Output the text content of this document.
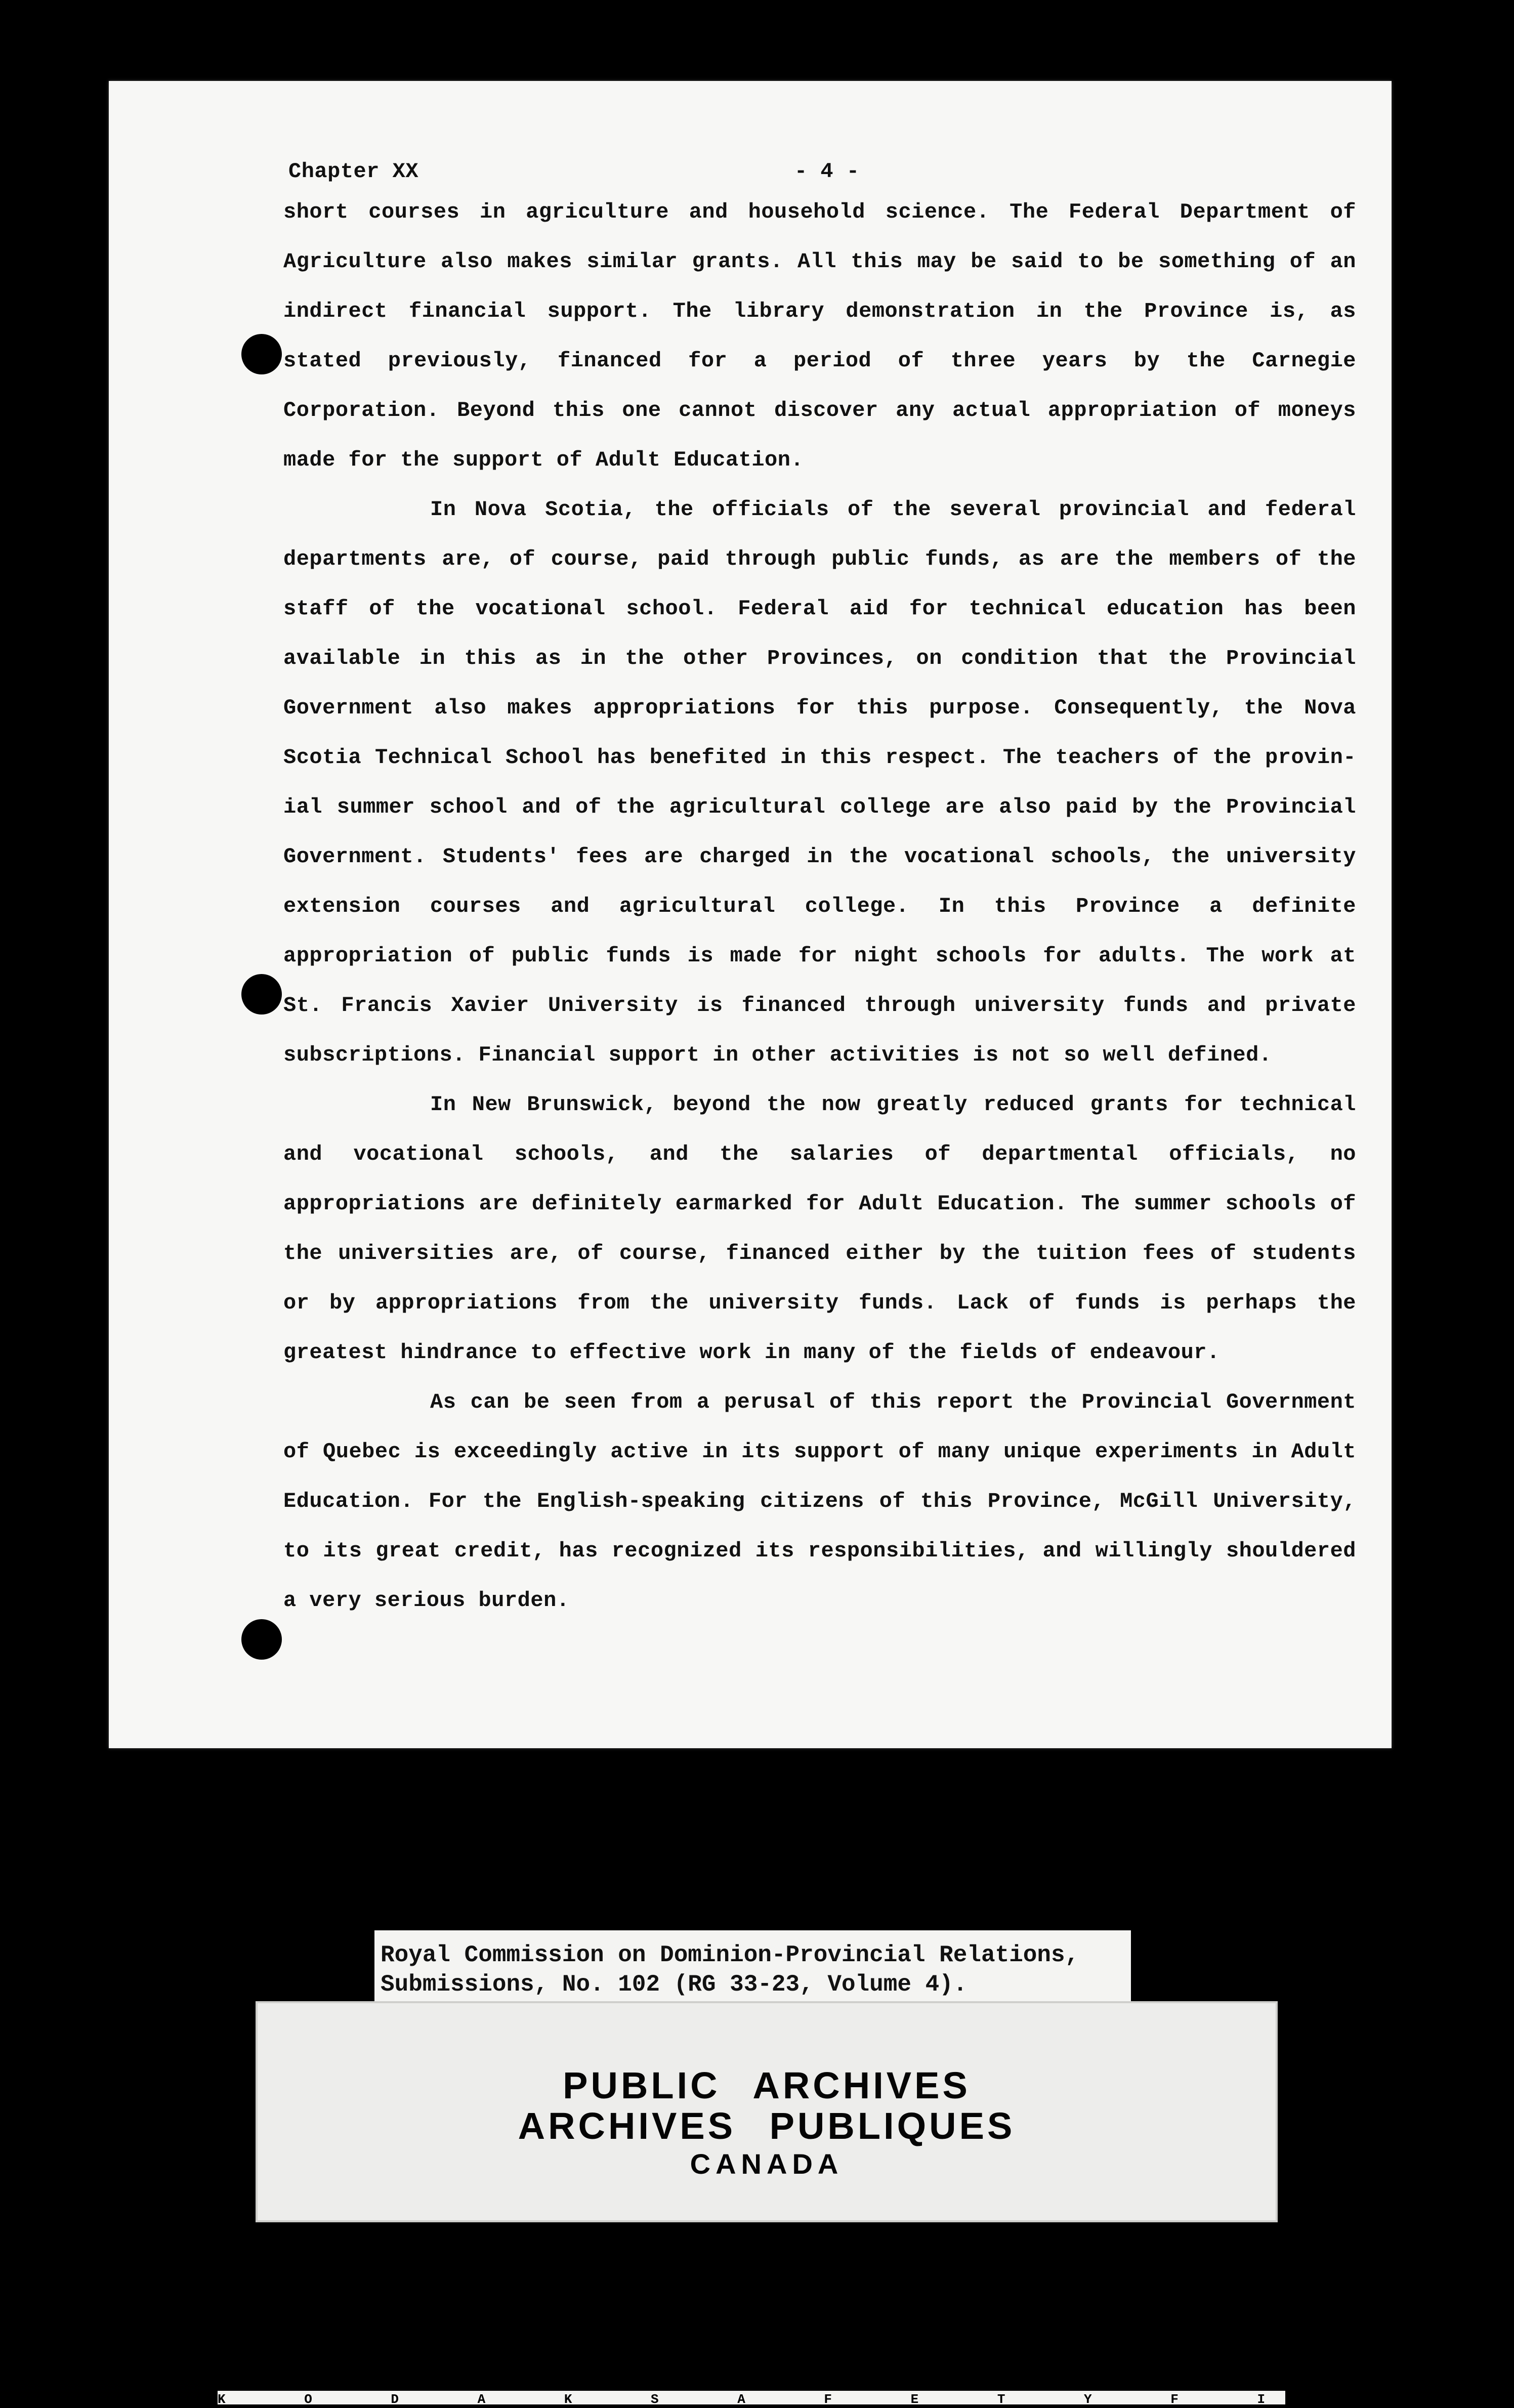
Chapter XX	- 4 -

short courses in agriculture and household science. The Federal Department of Agriculture also makes similar grants. All this may be said to be something of an indirect financial support. The library demonstration in the Province is, as stated previously, financed for a period of three years by the Carnegie Corporation. Beyond this one cannot discover any actual appropriation of moneys made for the support of Adult Education.

In Nova Scotia, the officials of the several provincial and federal departments are, of course, paid through public funds, as are the members of the staff of the vocational school. Federal aid for technical education has been available in this as in the other Provinces, on condition that the Provincial Government also makes appropriations for this purpose. Consequently, the Nova Scotia Technical School has benefited in this respect. The teachers of the provin-ial summer school and of the agricultural college are also paid by the Provincial Government. Students' fees are charged in the vocational schools, the university extension courses and agricultural college. In this Province a definite appropriation of public funds is made for night schools for adults. The work at St. Francis Xavier University is financed through university funds and private subscriptions. Financial support in other activities is not so well defined.

In New Brunswick, beyond the now greatly reduced grants for technical and vocational schools, and the salaries of departmental officials, no appropriations are definitely earmarked for Adult Education. The summer schools of the universities are, of course, financed either by the tuition fees of students or by appropriations from the university funds. Lack of funds is perhaps the greatest hindrance to effective work in many of the fields of endeavour.

As can be seen from a perusal of this report the Provincial Government of Quebec is exceedingly active in its support of many unique experiments in Adult Education. For the English-speaking citizens of this Province, McGill University, to its great credit, has recognized its responsibilities, and willingly shouldered a very serious burden.

Royal Commission on Dominion-Provincial Relations,
Submissions, No. 102 (RG 33-23, Volume 4).
PUBLIC ARCHIVES
ARCHIVES PUBLIQUES
CANADA
K O D A K S A F E T Y F I L M
